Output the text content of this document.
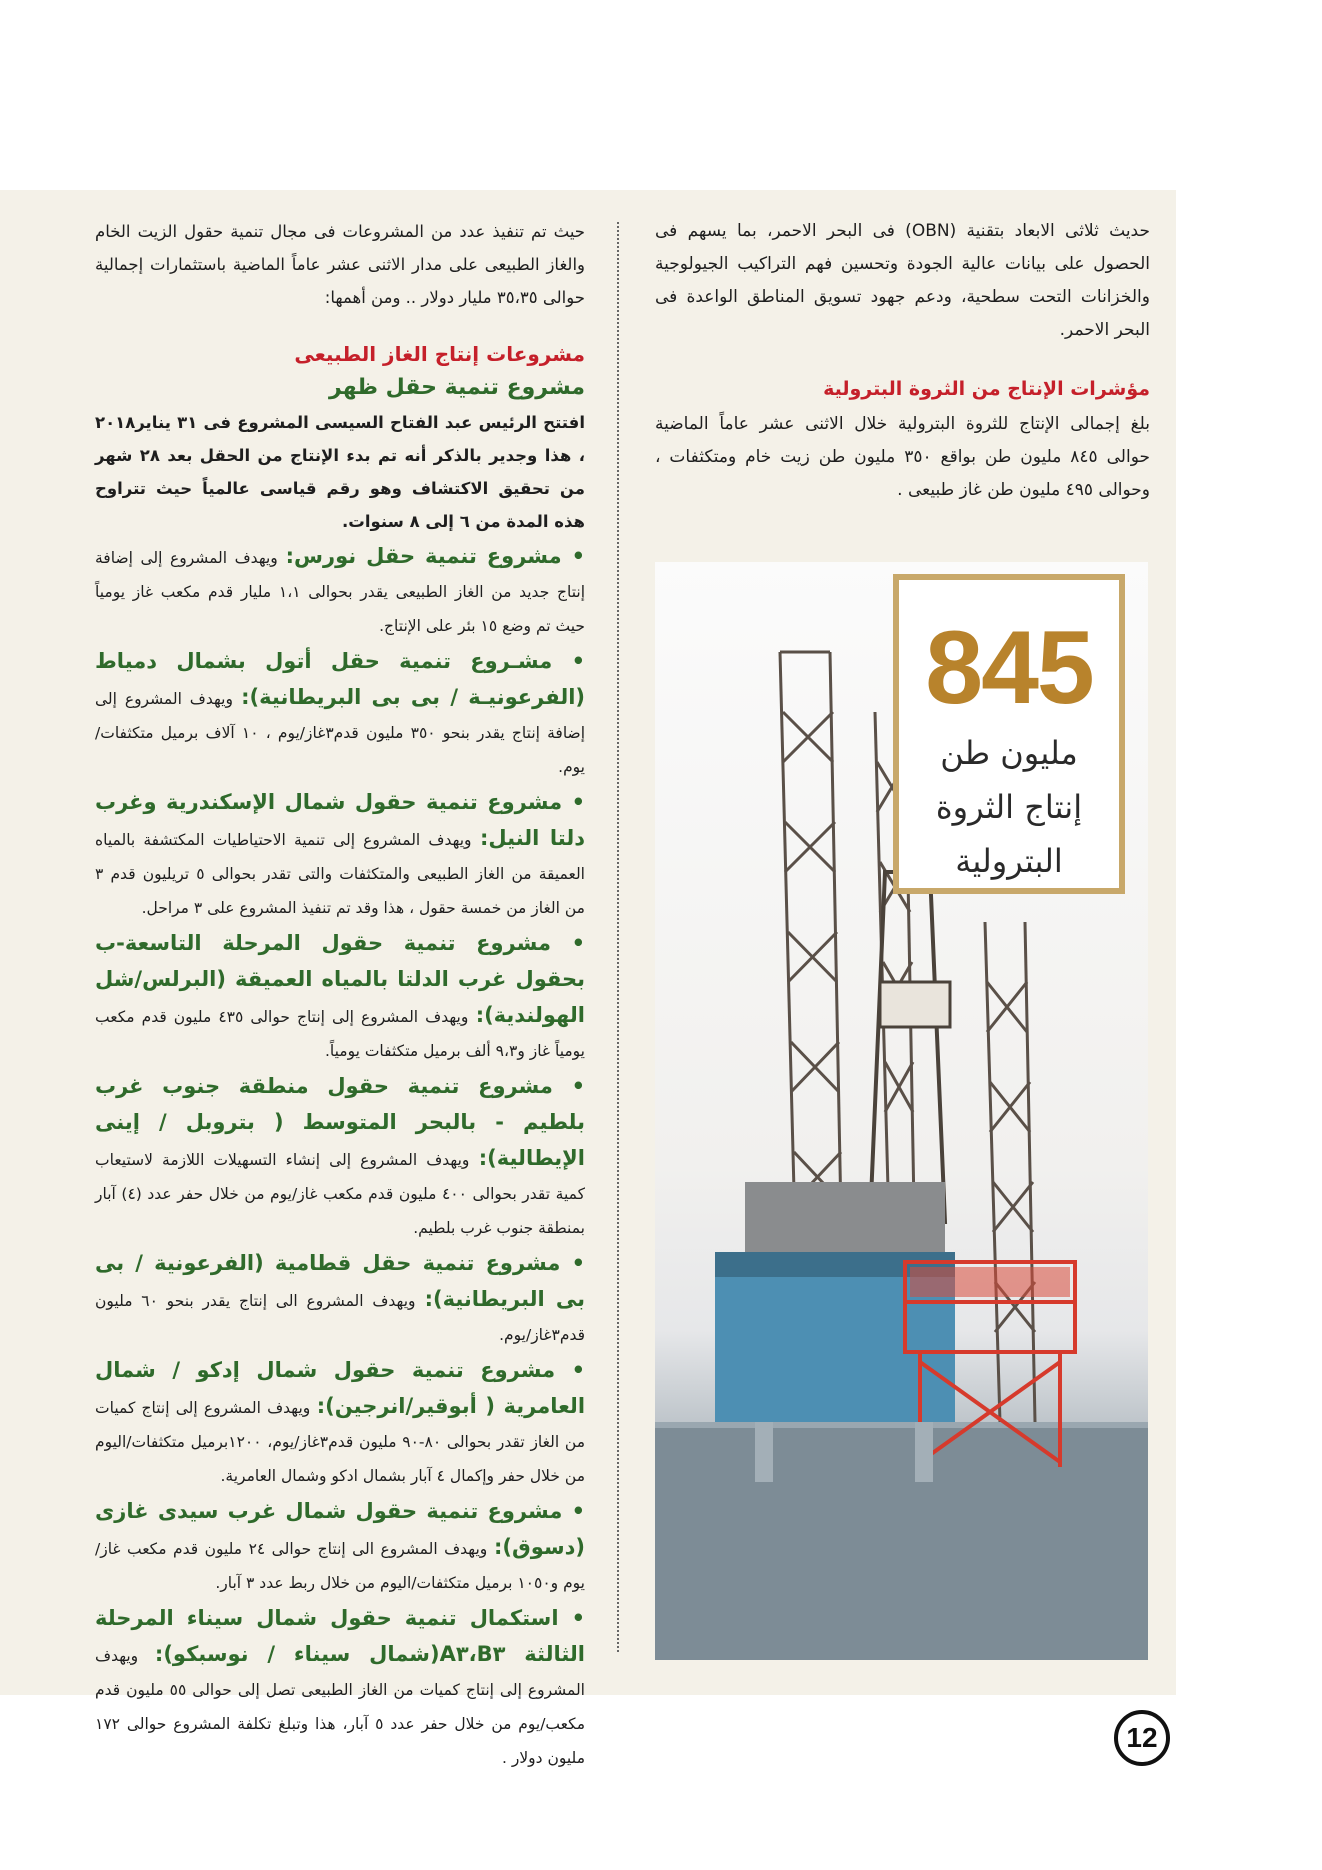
حديث ثلاثى الابعاد بتقنية (OBN) فى البحر الاحمر، بما يسهم فى الحصول على بيانات عالية الجودة وتحسين فهم التراكيب الجيولوجية والخزانات التحت سطحية، ودعم جهود تسويق المناطق الواعدة فى البحر الاحمر.

مؤشرات الإنتاج من الثروة البترولية

بلغ إجمالى الإنتاج للثروة البترولية خلال الاثنى عشر عاماً الماضية حوالى ٨٤٥ مليون طن بواقع ٣٥٠ مليون طن زيت خام ومتكثفات ، وحوالى ٤٩٥ مليون طن غاز طبيعى .

845
مليون طن
إنتاج الثروة
البترولية

حيث تم تنفيذ عدد من المشروعات فى مجال تنمية حقول الزيت الخام والغاز الطبيعى على مدار الاثنى عشر عاماً الماضية باستثمارات إجمالية حوالى ٣٥،٣٥ مليار دولار .. ومن أهمها:

مشروعات إنتاج الغاز الطبيعى
مشروع تنمية حقل ظهر

افتتح الرئيس عبد الفتاح السيسى المشروع فى ٣١ يناير٢٠١٨ ، هذا وجدير بالذكر أنه تم بدء الإنتاج من الحقل بعد ٢٨ شهر من تحقيق الاكتشاف وهو رقم قياسى عالمياً حيث تتراوح هذه المدة من ٦ إلى ٨ سنوات.

• مشروع تنمية حقل نورس: ويهدف المشروع إلى إضافة إنتاج جديد من الغاز الطبيعى يقدر بحوالى ١،١ مليار قدم مكعب غاز يومياً حيث تم وضع ١٥ بئر على الإنتاج.
• مشـروع تنمية حقل أتول بشمال دمياط (الفرعونيـة / بى بى البريطانية): ويهدف المشروع إلى إضافة إنتاج يقدر بنحو ٣٥٠ مليون قدم٣غاز/يوم ، ١٠ آلاف برميل متكثفات/يوم.
• مشروع تنمية حقول شمال الإسكندرية وغرب دلتا النيل: ويهدف المشروع إلى تنمية الاحتياطيات المكتشفة بالمياه العميقة من الغاز الطبيعى والمتكثفات والتى تقدر بحوالى ٥ تريليون قدم ٣ من الغاز من خمسة حقول ، هذا وقد تم تنفيذ المشروع على ٣ مراحل.
• مشروع تنمية حقول المرحلة التاسعة-ب بحقول غرب الدلتا بالمياه العميقة (البرلس/شل الهولندية): ويهدف المشروع إلى إنتاج حوالى ٤٣٥ مليون قدم مكعب يومياً غاز و٩،٣ ألف برميل متكثفات يومياً.
• مشروع تنمية حقول منطقة جنوب غرب بلطيم - بالبحر المتوسط ( بتروبل / إينى الإيطالية): ويهدف المشروع إلى إنشاء التسهيلات اللازمة لاستيعاب كمية تقدر بحوالى ٤٠٠ مليون قدم مكعب غاز/يوم من خلال حفر عدد (٤) آبار بمنطقة جنوب غرب بلطيم.
• مشروع تنمية حقل قطامية (الفرعونية / بى بى البريطانية): ويهدف المشروع الى إنتاج يقدر بنحو ٦٠ مليون قدم٣غاز/يوم.
• مشروع تنمية حقول شمال إدكو / شمال العامرية ( أبوقير/انرجين): ويهدف المشروع إلى إنتاج كميات من الغاز تقدر بحوالى ٨٠-٩٠ مليون قدم٣غاز/يوم، ١٢٠٠برميل متكثفات/اليوم من خلال حفر وإكمال ٤ آبار بشمال ادكو وشمال العامرية.
• مشروع تنمية حقول شمال غرب سيدى غازى (دسوق): ويهدف المشروع الى إنتاج حوالى ٢٤ مليون قدم مكعب غاز/يوم و١٠٥٠ برميل متكثفات/اليوم من خلال ربط عدد ٣ آبار.
• استكمال تنمية حقول شمال سيناء المرحلة الثالثة B٣،A٣(شمال سيناء / نوسبكو): ويهدف المشروع إلى إنتاج كميات من الغاز الطبيعى تصل إلى حوالى ٥٥ مليون قدم مكعب/يوم من خلال حفر عدد ٥ آبار، هذا وتبلغ تكلفة المشروع حوالى ١٧٢ مليون دولار .
12
